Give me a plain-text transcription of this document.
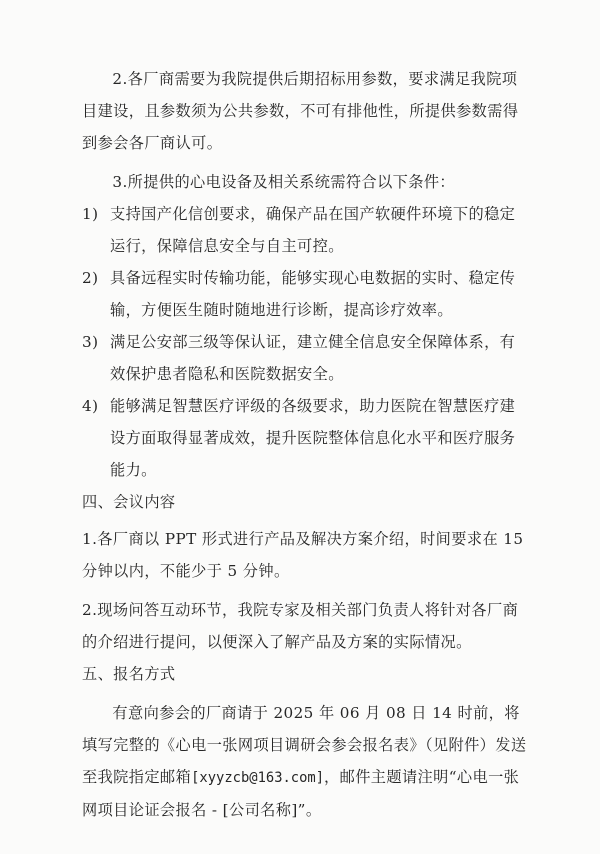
2.各厂商需要为我院提供后期招标用参数，要求满足我院项目建设，且参数须为公共参数，不可有排他性，所提供参数需得到参会各厂商认可。

3.所提供的心电设备及相关系统需符合以下条件：

1) 支持国产化信创要求，确保产品在国产软硬件环境下的稳定运行，保障信息安全与自主可控。
2) 具备远程实时传输功能，能够实现心电数据的实时、稳定传输，方便医生随时随地进行诊断，提高诊疗效率。
3) 满足公安部三级等保认证，建立健全信息安全保障体系，有效保护患者隐私和医院数据安全。
4) 能够满足智慧医疗评级的各级要求，助力医院在智慧医疗建设方面取得显著成效，提升医院整体信息化水平和医疗服务能力。

四、会议内容

1.各厂商以 PPT 形式进行产品及解决方案介绍，时间要求在 15 分钟以内，不能少于 5 分钟。

2.现场问答互动环节，我院专家及相关部门负责人将针对各厂商的介绍进行提问，以便深入了解产品及方案的实际情况。

五、报名方式

有意向参会的厂商请于 2025 年 06 月 08 日 14 时前，将填写完整的《心电一张网项目调研会参会报名表》（见附件）发送至我院指定邮箱[xyyzcb@163.com]，邮件主题请注明“心电一张网项目论证会报名 - [公司名称]”。
